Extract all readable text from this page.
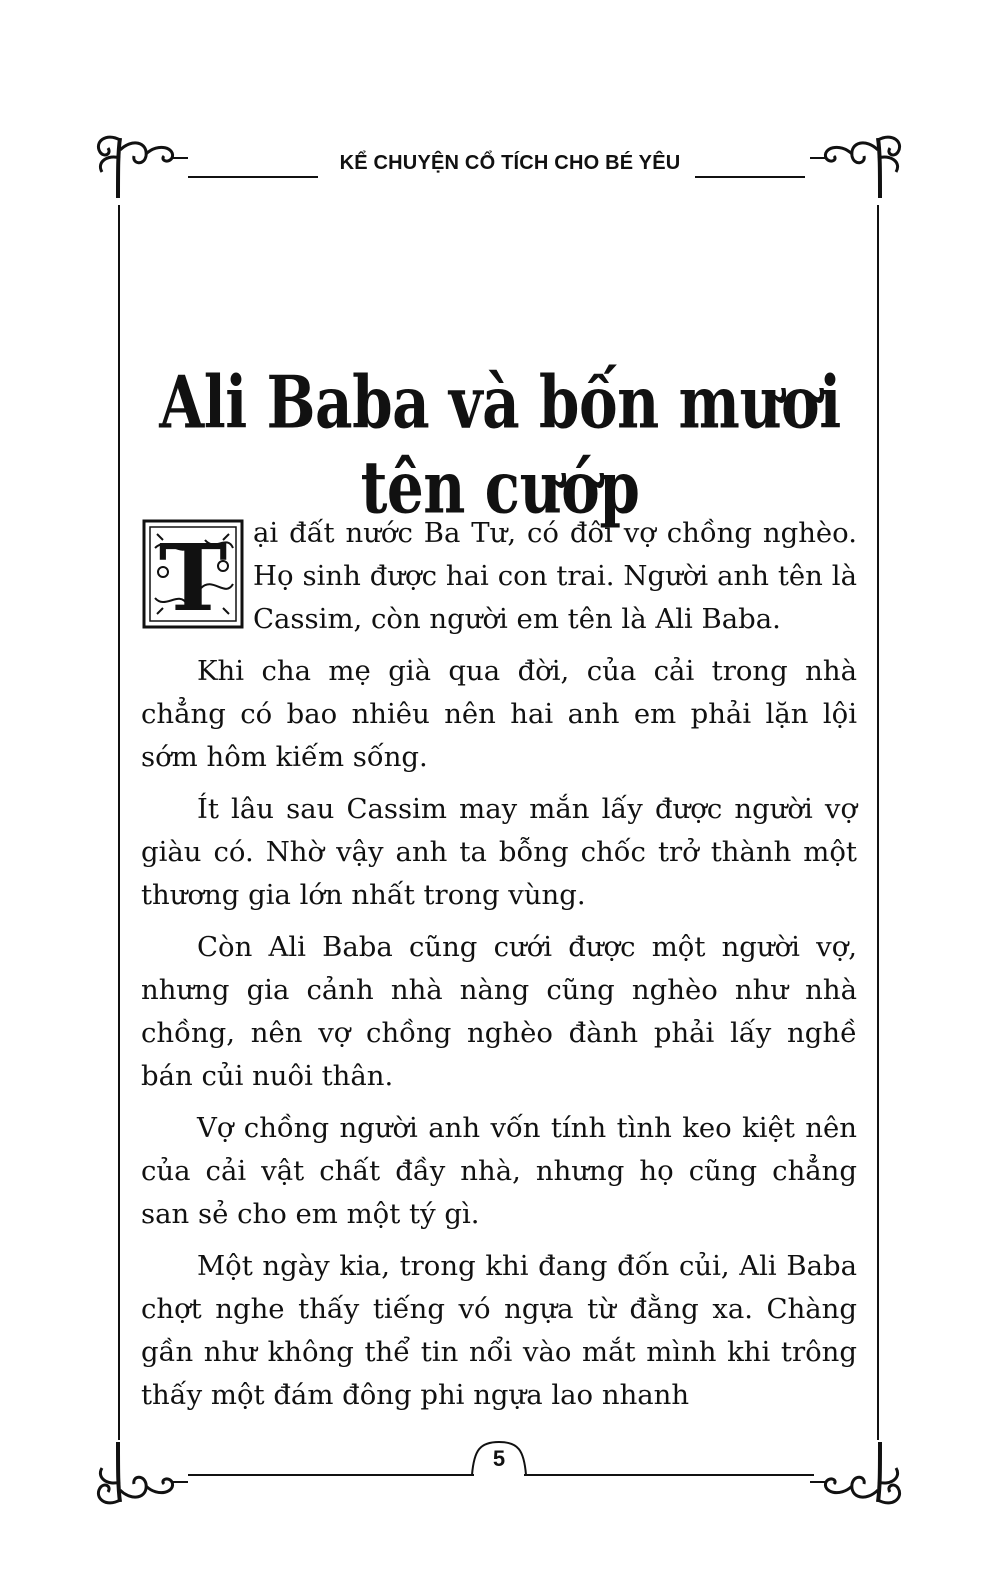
KỂ CHUYỆN CỔ TÍCH CHO BÉ YÊU
Ali Baba và bốn mươi tên cướp

T ại đất nước Ba Tư, có đôi vợ chồng nghèo. Họ sinh được hai con trai. Người anh tên là Cassim, còn người em tên là Ali Baba.

Khi cha mẹ già qua đời, của cải trong nhà chẳng có bao nhiêu nên hai anh em phải lặn lội sớm hôm kiếm sống.

Ít lâu sau Cassim may mắn lấy được người vợ giàu có. Nhờ vậy anh ta bỗng chốc trở thành một thương gia lớn nhất trong vùng.

Còn Ali Baba cũng cưới được một người vợ, nhưng gia cảnh nhà nàng cũng nghèo như nhà chồng, nên vợ chồng nghèo đành phải lấy nghề bán củi nuôi thân.

Vợ chồng người anh vốn tính tình keo kiệt nên của cải vật chất đầy nhà, nhưng họ cũng chẳng san sẻ cho em một tý gì.

Một ngày kia, trong khi đang đốn củi, Ali Baba chợt nghe thấy tiếng vó ngựa từ đằng xa. Chàng gần như không thể tin nổi vào mắt mình khi trông thấy một đám đông phi ngựa lao nhanh

5
